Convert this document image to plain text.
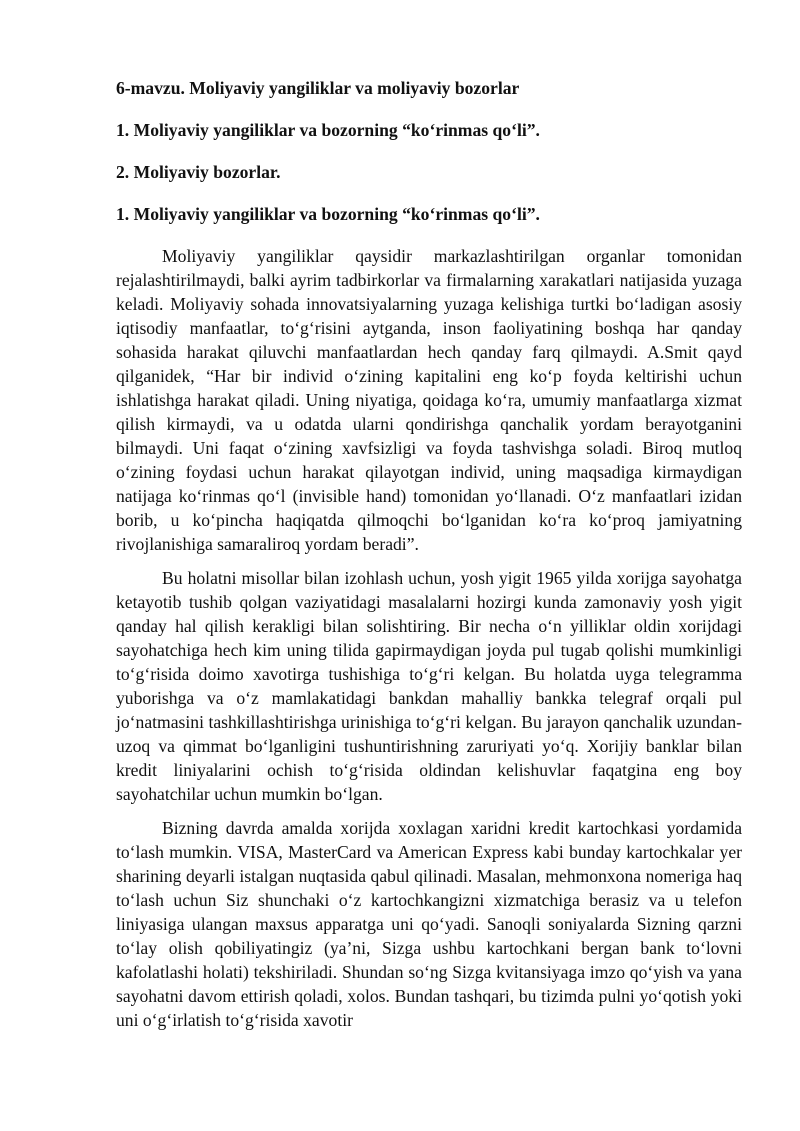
6-mavzu. Moliyaviy yangiliklar va moliyaviy bozorlar
1. Moliyaviy yangiliklar va bozorning “ko‘rinmas qo‘li”.
2. Moliyaviy bozorlar.
1. Moliyaviy yangiliklar va bozorning “ko‘rinmas qo‘li”.

Moliyaviy yangiliklar qaysidir markazlashtirilgan organlar tomonidan rejalashtirilmaydi, balki ayrim tadbirkorlar va firmalarning xarakatlari natijasida yuzaga keladi. Moliyaviy sohada innovatsiyalarning yuzaga kelishiga turtki bo‘ladigan asosiy iqtisodiy manfaatlar, to‘g‘risini aytganda, inson faoliyatining boshqa har qanday sohasida harakat qiluvchi manfaatlardan hech qanday farq qilmaydi. A.Smit qayd qilganidek, “Har bir individ o‘zining kapitalini eng ko‘p foyda keltirishi uchun ishlatishga harakat qiladi. Uning niyatiga, qoidaga ko‘ra, umumiy manfaatlarga xizmat qilish kirmaydi, va u odatda ularni qondirishga qanchalik yordam berayotganini bilmaydi. Uni faqat o‘zining xavfsizligi va foyda tashvishga soladi. Biroq mutloq o‘zining foydasi uchun harakat qilayotgan individ, uning maqsadiga kirmaydigan natijaga ko‘rinmas qo‘l (invisible hand) tomonidan yo‘llanadi. O‘z manfaatlari izidan borib, u ko‘pincha haqiqatda qilmoqchi bo‘lganidan ko‘ra ko‘proq jamiyatning rivojlanishiga samaraliroq yordam beradi”.

Bu holatni misollar bilan izohlash uchun, yosh yigit 1965 yilda xorijga sayohatga ketayotib tushib qolgan vaziyatidagi masalalarni hozirgi kunda zamonaviy yosh yigit qanday hal qilish kerakligi bilan solishtiring. Bir necha o‘n yilliklar oldin xorijdagi sayohatchiga hech kim uning tilida gapirmaydigan joyda pul tugab qolishi mumkinligi to‘g‘risida doimo xavotirga tushishiga to‘g‘ri kelgan. Bu holatda uyga telegramma yuborishga va o‘z mamlakatidagi bankdan mahalliy bankka telegraf orqali pul jo‘natmasini tashkillashtirishga urinishiga to‘g‘ri kelgan. Bu jarayon qanchalik uzundan-uzoq va qimmat bo‘lganligini tushuntirishning zaruriyati yo‘q. Xorijiy banklar bilan kredit liniyalarini ochish to‘g‘risida oldindan kelishuvlar faqatgina eng boy sayohatchilar uchun mumkin bo‘lgan.

Bizning davrda amalda xorijda xoxlagan xaridni kredit kartochkasi yordamida to‘lash mumkin. VISA, MasterCard va American Express kabi bunday kartochkalar yer sharining deyarli istalgan nuqtasida qabul qilinadi. Masalan, mehmonxona nomeriga haq to‘lash uchun Siz shunchaki o‘z kartochkangizni xizmatchiga berasiz va u telefon liniyasiga ulangan maxsus apparatga uni qo‘yadi. Sanoqli soniyalarda Sizning qarzni to‘lay olish qobiliyatingiz (ya’ni, Sizga ushbu kartochkani bergan bank to‘lovni kafolatlashi holati) tekshiriladi. Shundan so‘ng Sizga kvitansiyaga imzo qo‘yish va yana sayohatni davom ettirish qoladi, xolos. Bundan tashqari, bu tizimda pulni yo‘qotish yoki uni o‘g‘irlatish to‘g‘risida xavotir
